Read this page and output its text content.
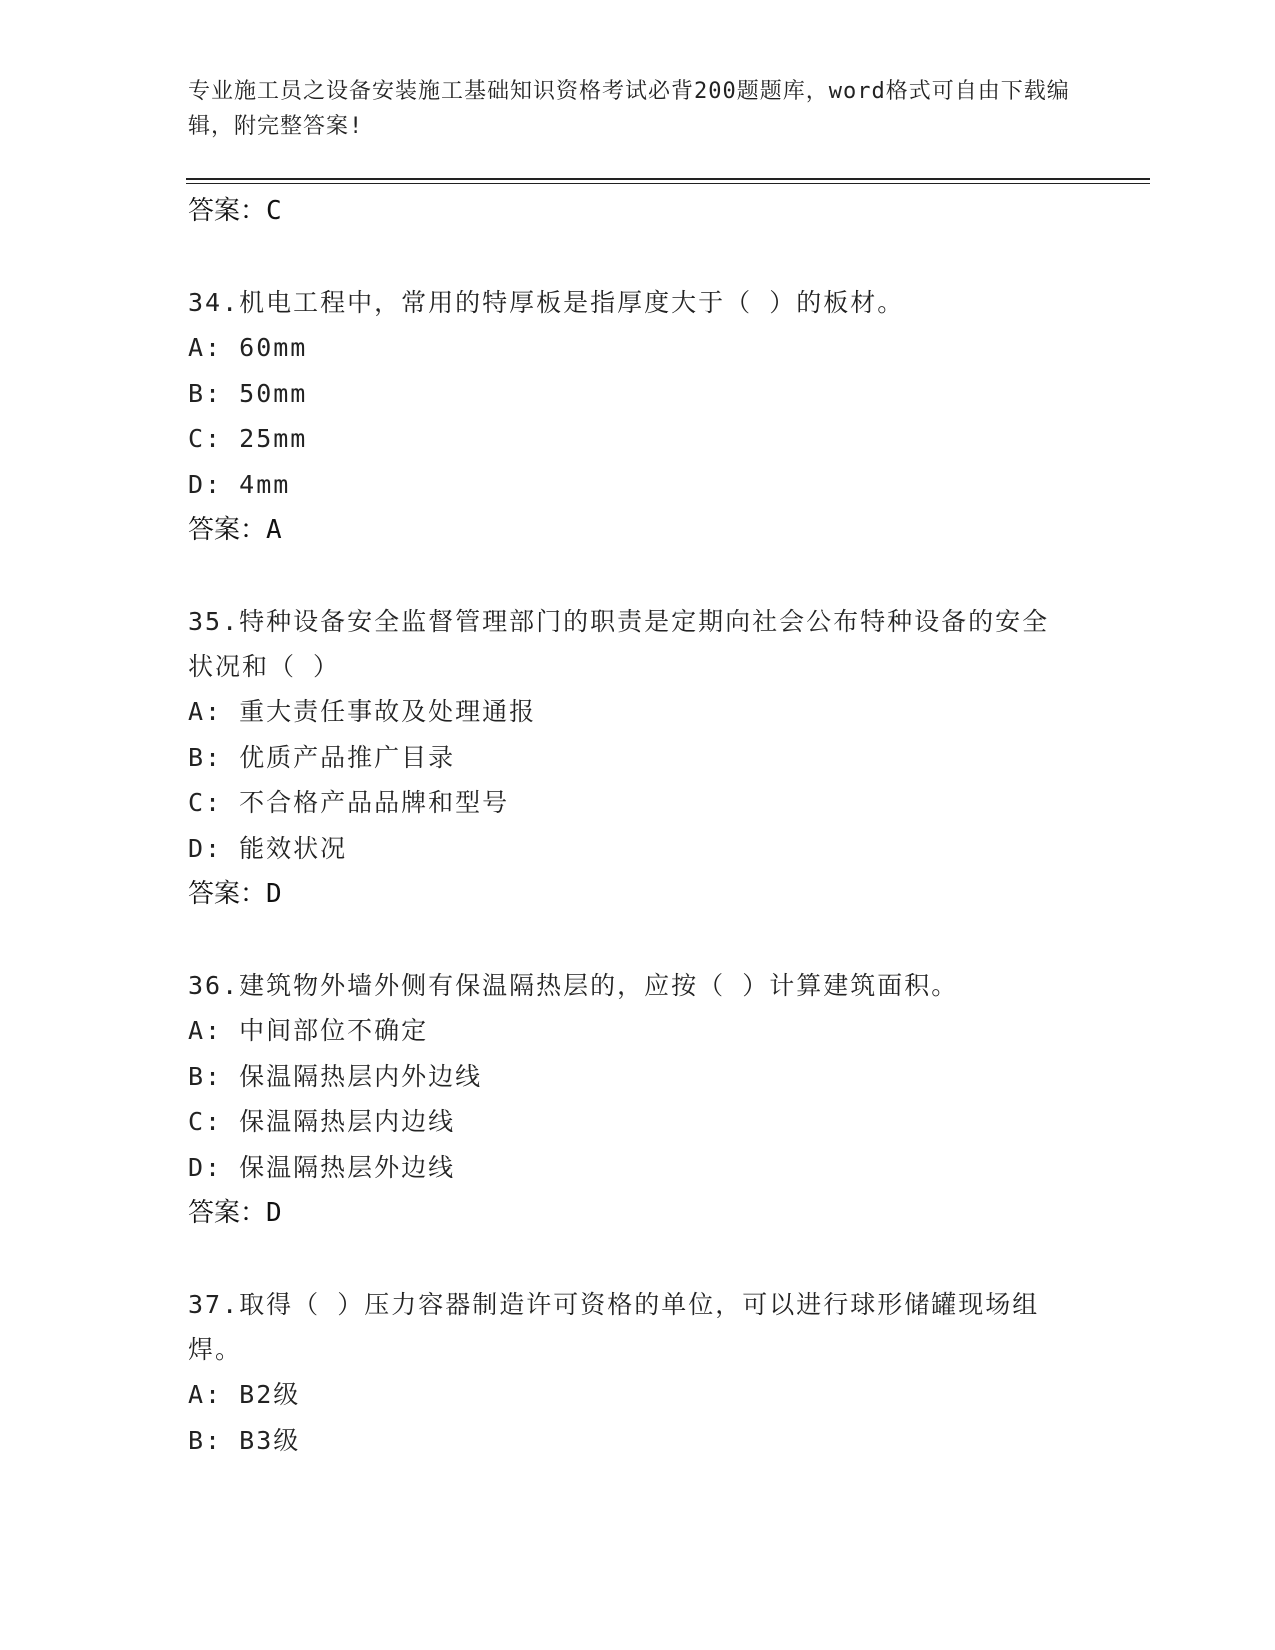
专业施工员之设备安装施工基础知识资格考试必背200题题库，word格式可自由下载编辑，附完整答案!
答案：C
34.机电工程中，常用的特厚板是指厚度大于（ ）的板材。
A: 60mm
B: 50mm
C: 25mm
D: 4mm
答案：A
35.特种设备安全监督管理部门的职责是定期向社会公布特种设备的安全状况和（ ）
A: 重大责任事故及处理通报
B: 优质产品推广目录
C: 不合格产品品牌和型号
D: 能效状况
答案：D
36.建筑物外墙外侧有保温隔热层的，应按（ ）计算建筑面积。
A: 中间部位不确定
B: 保温隔热层内外边线
C: 保温隔热层内边线
D: 保温隔热层外边线
答案：D
37.取得（ ）压力容器制造许可资格的单位，可以进行球形储罐现场组焊。
A: B2级
B: B3级
